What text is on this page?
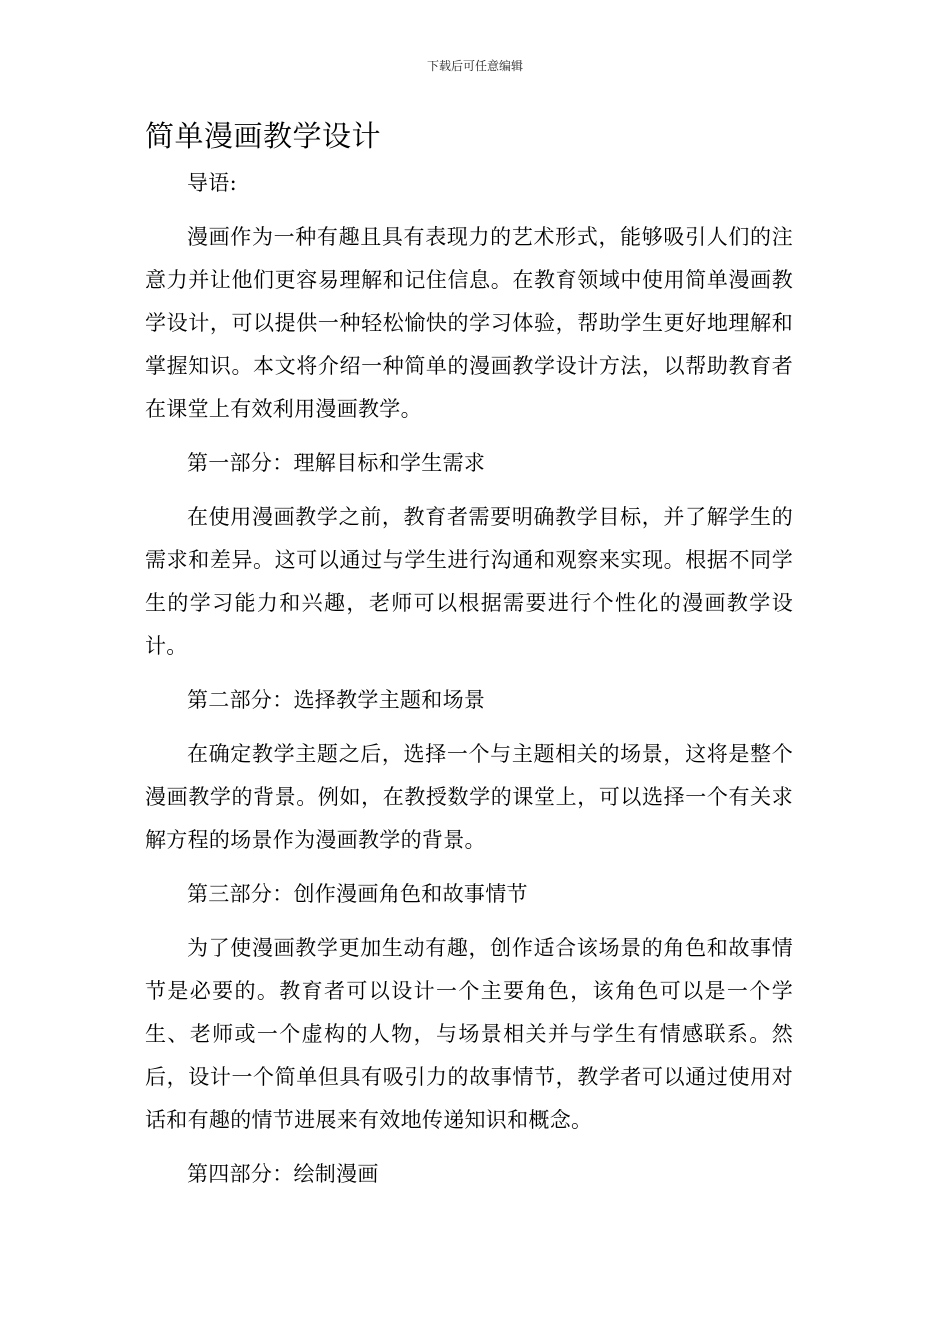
下载后可任意编辑
简单漫画教学设计

导语:

漫画作为一种有趣且具有表现力的艺术形式，能够吸引人们的注意力并让他们更容易理解和记住信息。在教育领域中使用简单漫画教学设计，可以提供一种轻松愉快的学习体验，帮助学生更好地理解和掌握知识。本文将介绍一种简单的漫画教学设计方法，以帮助教育者在课堂上有效利用漫画教学。

第一部分：理解目标和学生需求

在使用漫画教学之前，教育者需要明确教学目标，并了解学生的需求和差异。这可以通过与学生进行沟通和观察来实现。根据不同学生的学习能力和兴趣，老师可以根据需要进行个性化的漫画教学设计。

第二部分：选择教学主题和场景

在确定教学主题之后，选择一个与主题相关的场景，这将是整个漫画教学的背景。例如，在教授数学的课堂上，可以选择一个有关求解方程的场景作为漫画教学的背景。

第三部分：创作漫画角色和故事情节

为了使漫画教学更加生动有趣，创作适合该场景的角色和故事情节是必要的。教育者可以设计一个主要角色，该角色可以是一个学生、老师或一个虚构的人物，与场景相关并与学生有情感联系。然后，设计一个简单但具有吸引力的故事情节，教学者可以通过使用对话和有趣的情节进展来有效地传递知识和概念。

第四部分：绘制漫画
